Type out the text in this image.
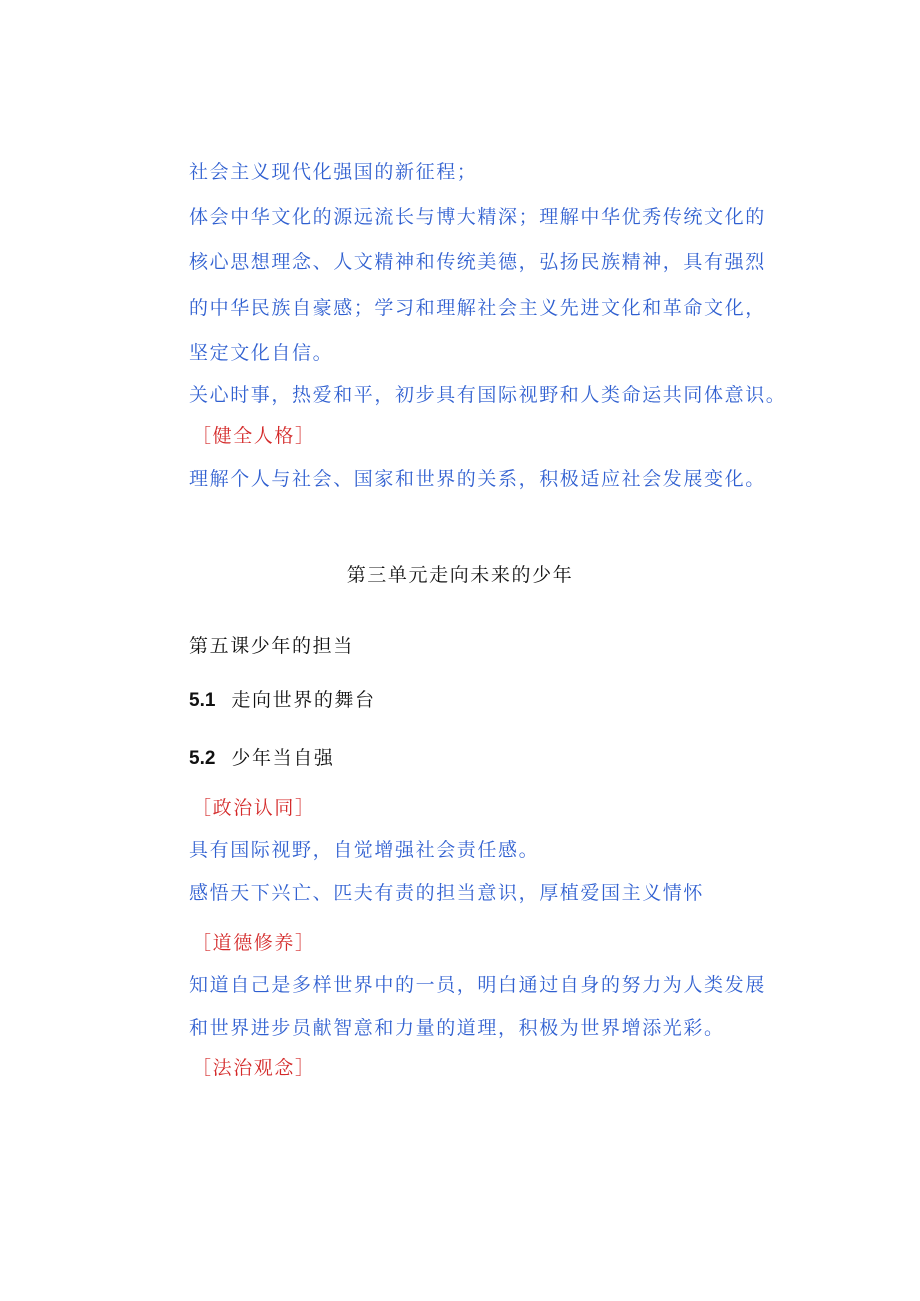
社会主义现代化强国的新征程；
体会中华文化的源远流长与博大精深；理解中华优秀传统文化的
核心思想理念、人文精神和传统美德，弘扬民族精神，具有强烈
的中华民族自豪感；学习和理解社会主义先进文化和革命文化，
坚定文化自信。
关心时事，热爱和平，初步具有国际视野和人类命运共同体意识。
［健全人格］
理解个人与社会、国家和世界的关系，积极适应社会发展变化。
第三单元走向未来的少年
第五课少年的担当
5.1 走向世界的舞台
5.2 少年当自强
［政治认同］
具有国际视野，自觉增强社会责任感。
感悟天下兴亡、匹夫有责的担当意识，厚植爱国主义情怀
［道德修养］
知道自己是多样世界中的一员，明白通过自身的努力为人类发展
和世界进步员献智意和力量的道理，积极为世界增添光彩。
［法治观念］
